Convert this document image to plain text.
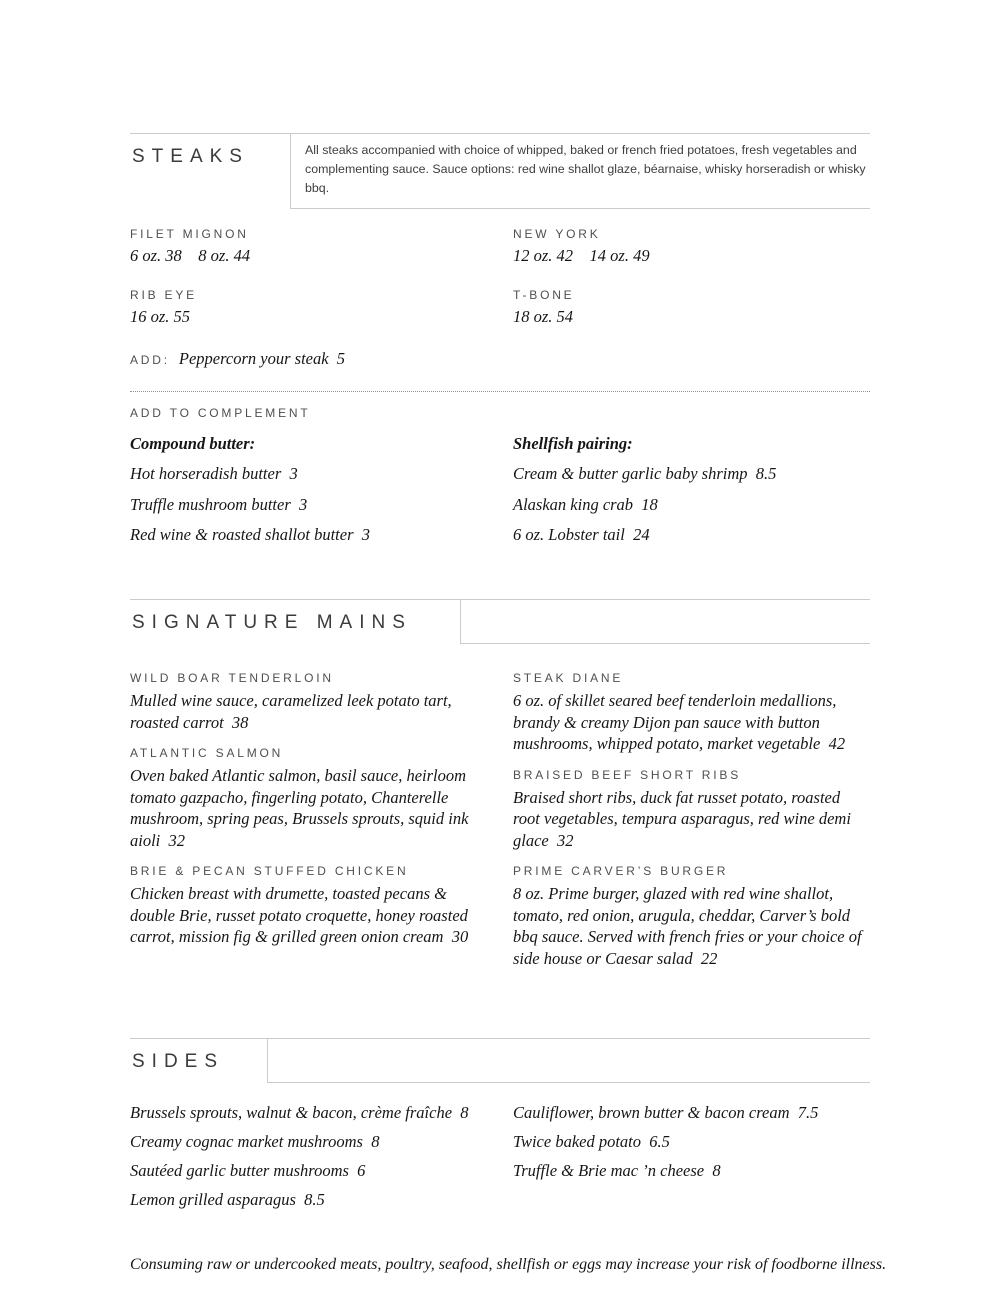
STEAKS	All steaks accompanied with choice of whipped, baked or french fried potatoes, fresh vegetables and complementing sauce. Sauce options: red wine shallot glaze, béarnaise, whisky horseradish or whisky bbq.

FILET MIGNON
6 oz. 38    8 oz. 44
RIB EYE
16 oz. 55
NEW YORK
12 oz. 42    14 oz. 49
T-BONE
18 oz. 54
ADD: Peppercorn your steak  5
ADD TO COMPLEMENT
Compound butter:
Hot horseradish butter  3
Truffle mushroom butter  3
Red wine & roasted shallot butter  3
Shellfish pairing:
Cream & butter garlic baby shrimp  8.5
Alaskan king crab  18
6 oz. Lobster tail  24
SIGNATURE MAINS
WILD BOAR TENDERLOIN
Mulled wine sauce, caramelized leek potato tart, roasted carrot  38
ATLANTIC SALMON
Oven baked Atlantic salmon, basil sauce, heirloom tomato gazpacho, fingerling potato, Chanterelle mushroom, spring peas, Brussels sprouts, squid ink aioli  32
BRIE & PECAN STUFFED CHICKEN
Chicken breast with drumette, toasted pecans & double Brie, russet potato croquette, honey roasted carrot, mission fig & grilled green onion cream  30
STEAK DIANE
6 oz. of skillet seared beef tenderloin medallions, brandy & creamy Dijon pan sauce with button mushrooms, whipped potato, market vegetable  42
BRAISED BEEF SHORT RIBS
Braised short ribs, duck fat russet potato, roasted root vegetables, tempura asparagus, red wine demi glace  32
PRIME CARVER’S BURGER
8 oz. Prime burger, glazed with red wine shallot, tomato, red onion, arugula, cheddar, Carver’s bold bbq sauce. Served with french fries or your choice of side house or Caesar salad  22
SIDES
Brussels sprouts, walnut & bacon, crème fraîche  8
Creamy cognac market mushrooms  8
Sautéed garlic butter mushrooms  6
Lemon grilled asparagus  8.5
Cauliflower, brown butter & bacon cream  7.5
Twice baked potato  6.5
Truffle & Brie mac ’n cheese  8

Consuming raw or undercooked meats, poultry, seafood, shellfish or eggs may increase your risk of foodborne illness.
